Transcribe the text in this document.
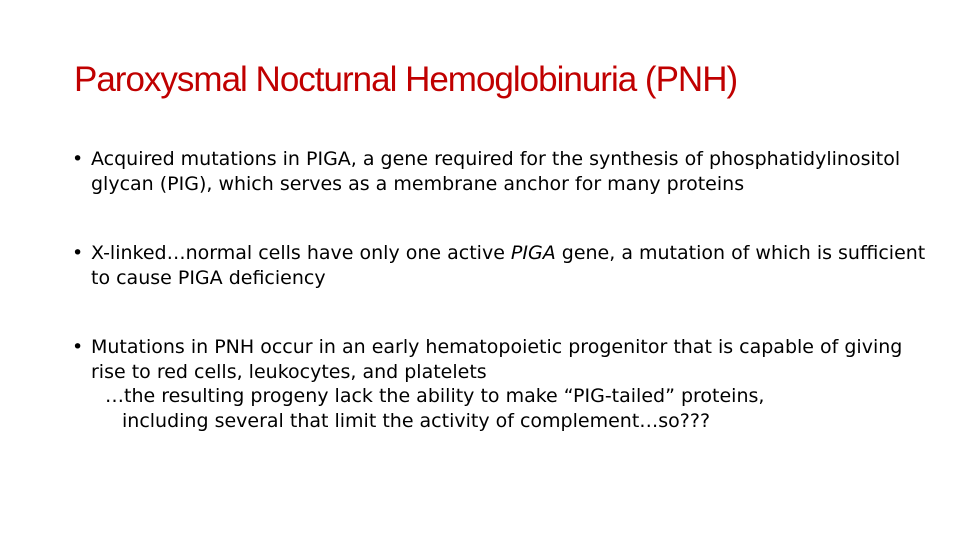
Paroxysmal Nocturnal Hemoglobinuria (PNH)
• Acquired mutations in PIGA, a gene required for the synthesis of phosphatidylinositol glycan (PIG), which serves as a membrane anchor for many proteins
• X-linked…normal cells have only one active PIGA gene, a mutation of which is sufficient to cause PIGA deficiency
• Mutations in PNH occur in an early hematopoietic progenitor that is capable of giving rise to red cells, leukocytes, and platelets
…the resulting progeny lack the ability to make “PIG-tailed” proteins,
including several that limit the activity of complement…so???
